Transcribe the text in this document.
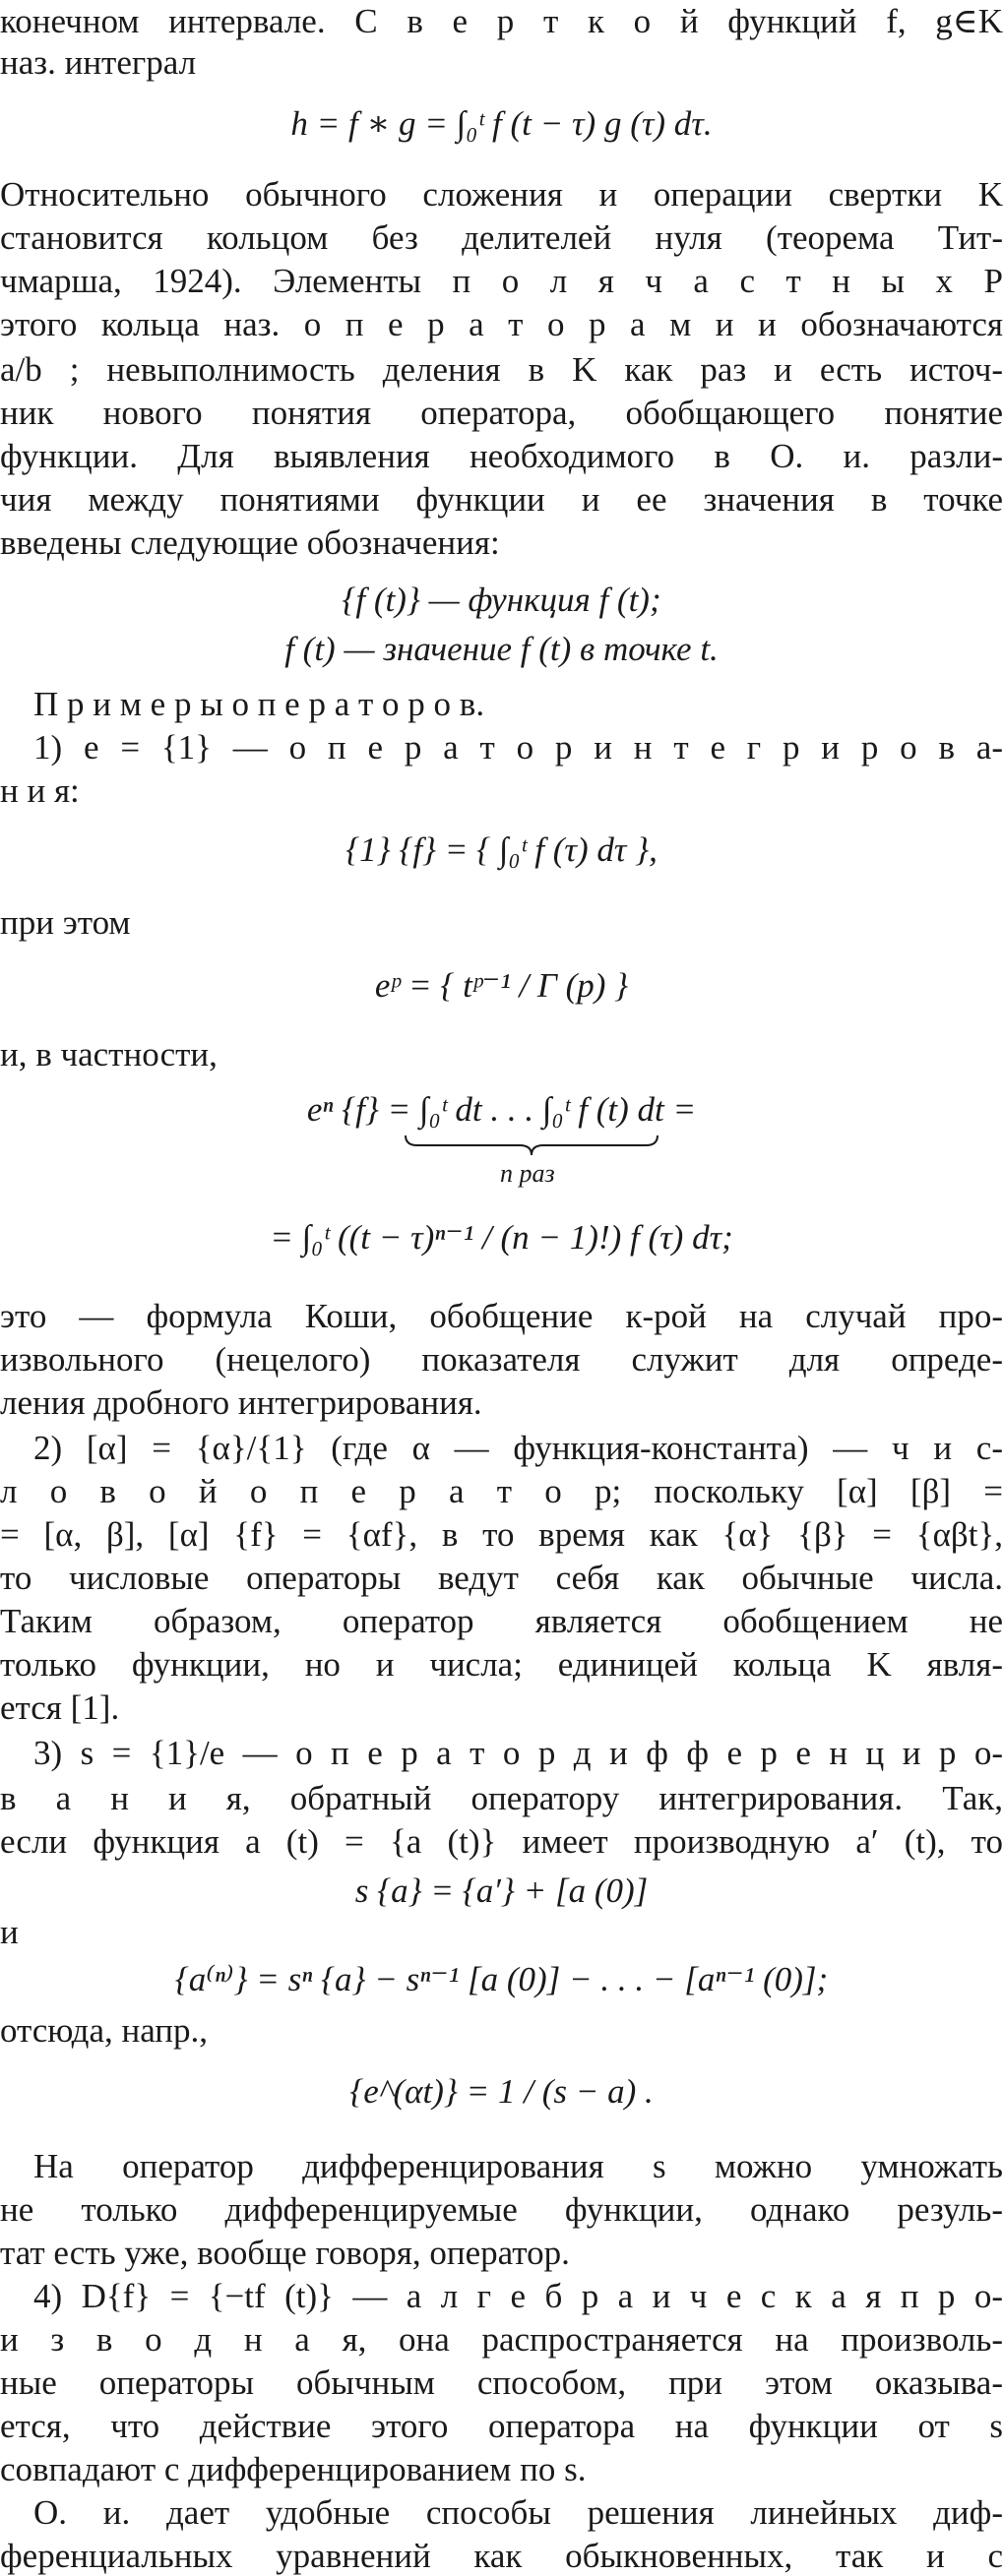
конечном интервале. С в е р т к о й функций f, g∈K
наз. интеграл
h = f ∗ g = ∫₀ᵗ f (t − τ) g (τ) dτ.
Относительно обычного сложения и операции свертки K
становится кольцом без делителей нуля (теорема Тит-
чмарша, 1924). Элементы п о л я ч а с т н ы х P
этого кольца наз. о п е р а т о р а м и и обозначаются
a/b ; невыполнимость деления в K как раз и есть источ-
ник нового понятия оператора, обобщающего понятие
функции. Для выявления необходимого в О. и. разли-
чия между понятиями функции и ее значения в точке
введены следующие обозначения:
{f (t)} — функция f (t);
f (t) — значение f (t) в точке t.
П р и м е р ы о п е р а т о р о в.
1) e = {1} — о п е р а т о р и н т е г р и р о в а-
н и я:
{1} {f} = { ∫₀ᵗ f (τ) dτ },
при этом
eᵖ = { tᵖ⁻¹ / Γ (p) }
и, в частности,
eⁿ {f} = ∫₀ᵗ dt . . . ∫₀ᵗ f (t) dt =
= ∫₀ᵗ ((t − τ)ⁿ⁻¹ / (n − 1)!) f (τ) dτ;
это — формула Коши, обобщение к-рой на случай про-
извольного (нецелого) показателя служит для опреде-
ления дробного интегрирования.
2) [α] = {α}/{1} (где α — функция-константа) — ч и с-
л о в о й о п е р а т о р; поскольку [α] [β] =
= [α, β], [α] {f} = {αf}, в то время как {α} {β} = {αβt},
то числовые операторы ведут себя как обычные числа.
Таким образом, оператор является обобщением не
только функции, но и числа; единицей кольца K явля-
ется [1].
3) s = {1}/e — о п е р а т о р д и ф ф е р е н ц и р о-
в а н и я, обратный оператору интегрирования. Так,
если функция a (t) = {a (t)} имеет производную a′ (t), то
s {a} = {a′} + [a (0)]
и
{a⁽ⁿ⁾} = sⁿ {a} − sⁿ⁻¹ [a (0)] − . . . − [aⁿ⁻¹ (0)];
отсюда, напр.,
{e^(αt)} = 1 / (s − a) .
На оператор дифференцирования s можно умножать
не только дифференцируемые функции, однако резуль-
тат есть уже, вообще говоря, оператор.
4) D{f} = {−tf (t)} — а л г е б р а и ч е с к а я п р о-
и з в о д н а я, она распространяется на произволь-
ные операторы обычным способом, при этом оказыва-
ется, что действие этого оператора на функции от s
совпадают с дифференцированием по s.
О. и. дает удобные способы решения линейных диф-
ференциальных уравнений как обыкновенных, так и с
n раз
